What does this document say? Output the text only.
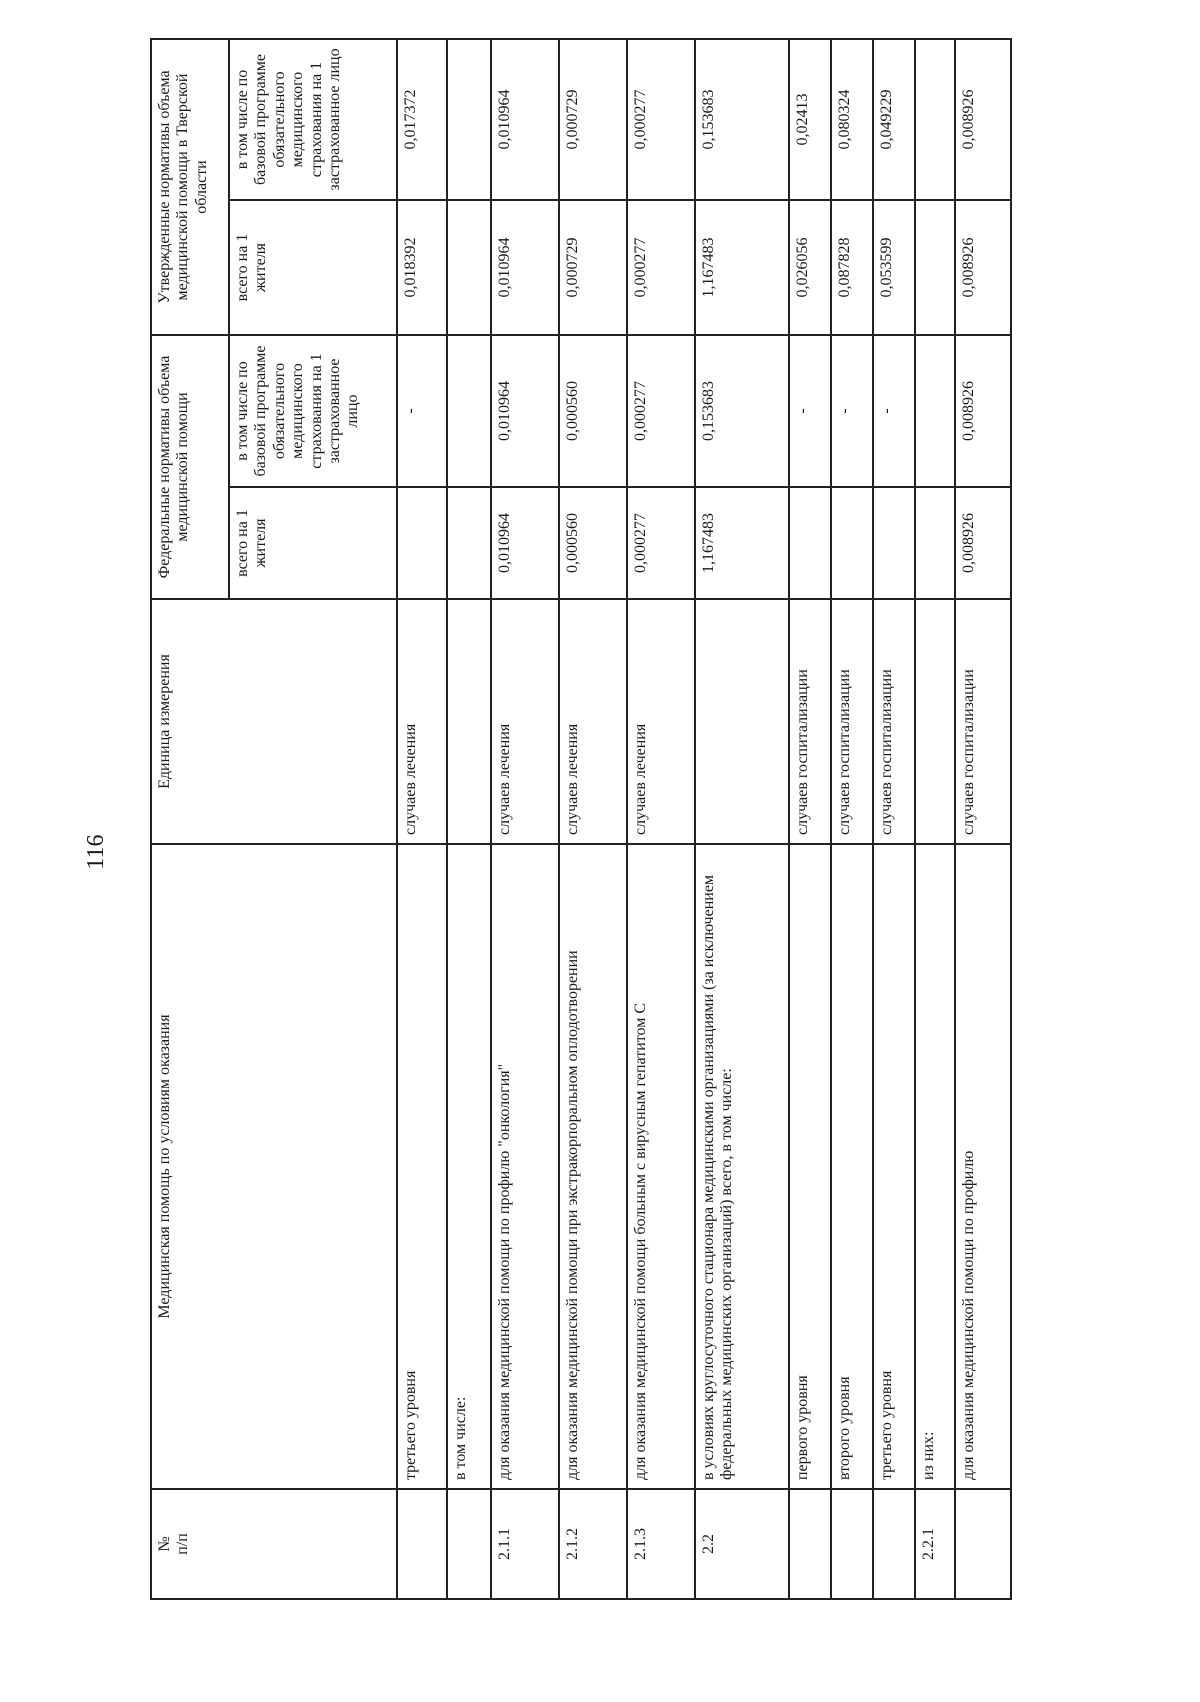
116
№
п/п	Медицинская помощь по условиям оказания	Единица измерения	Федеральные нормативы объема медицинской помощи		Утвержденные нормативы объема медицинской помощи в Тверской области	
			всего на 1 жителя	в том числе по базовой программе обязательного медицинского страхования на 1 застрахованное лицо	всего на 1 жителя	в том числе по базовой программе обязательного медицинского страхования на 1 застрахованное лицо
	третьего уровня	случаев лечения		-	0,018392	0,017372
	в том числе:					
2.1.1	для оказания медицинской помощи по профилю "онкология"	случаев лечения	0,010964	0,010964	0,010964	0,010964
2.1.2	для оказания медицинской помощи при экстракорпоральном оплодотворении	случаев лечения	0,000560	0,000560	0,000729	0,000729
2.1.3	для оказания медицинской помощи больным с вирусным гепатитом С	случаев лечения	0,000277	0,000277	0,000277	0,000277
2.2	в условиях круглосуточного стационара медицинскими организациями (за исключением федеральных медицинских организаций) всего, в том числе:		1,167483	0,153683	1,167483	0,153683
	первого уровня	случаев госпитализации		-	0,026056	0,02413
	второго уровня	случаев госпитализации		-	0,087828	0,080324
	третьего уровня	случаев госпитализации		-	0,053599	0,049229
2.2.1	из них:					
	для оказания медицинской помощи по профилю	случаев госпитализации	0,008926	0,008926	0,008926	0,008926
